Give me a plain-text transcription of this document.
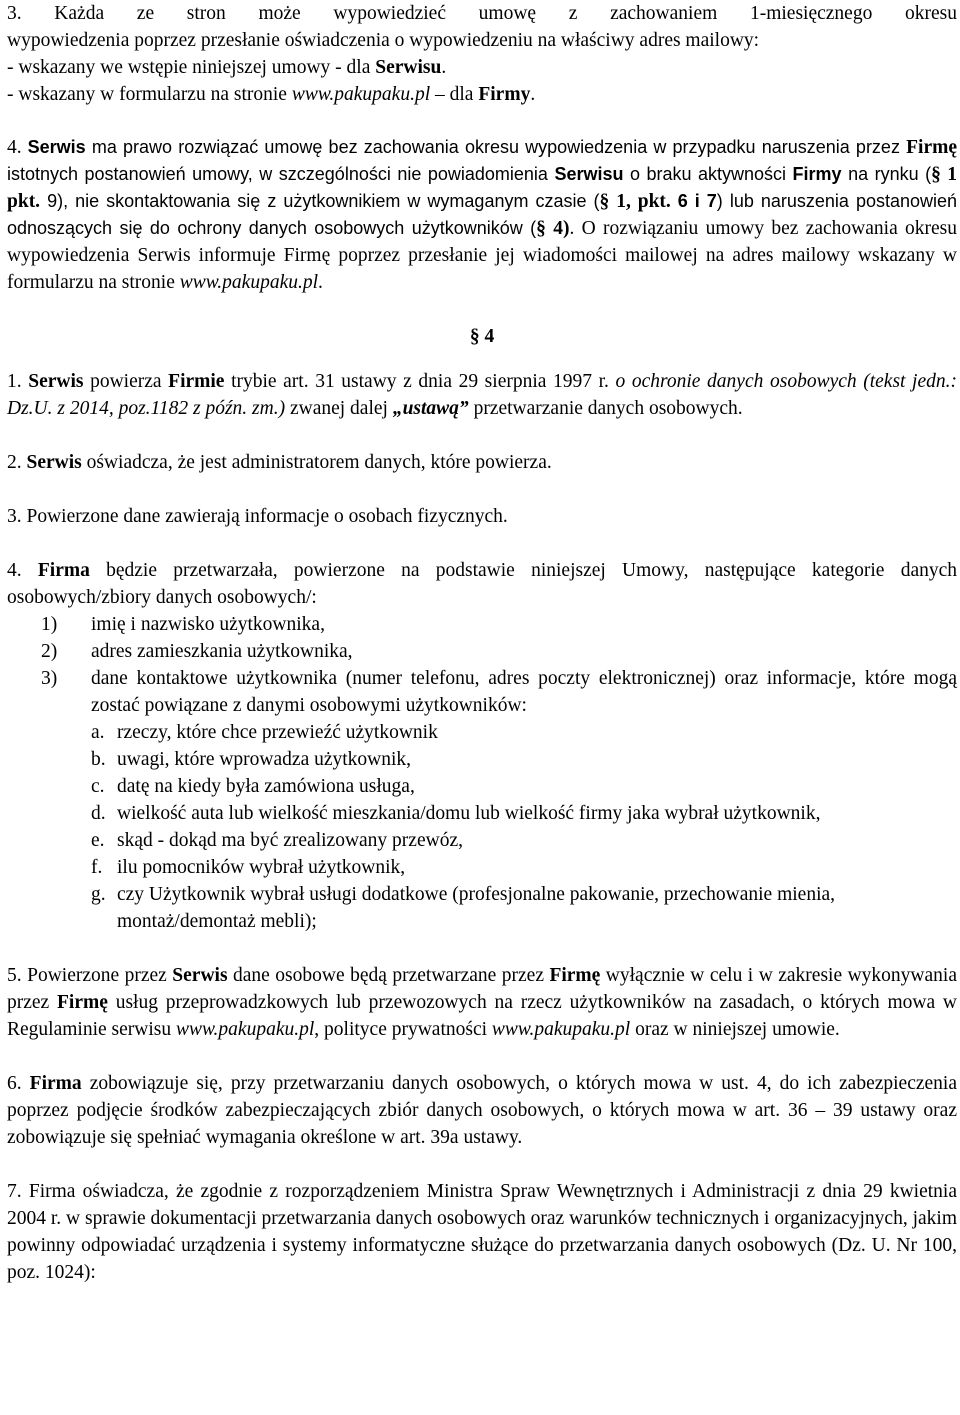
3. Każda ze stron może wypowiedzieć umowę z zachowaniem 1-miesięcznego okresu
wypowiedzenia poprzez przesłanie oświadczenia o wypowiedzeniu na właściwy adres mailowy:
- wskazany we wstępie niniejszej umowy - dla Serwisu.
- wskazany w formularzu na stronie www.pakupaku.pl – dla Firmy.

4. Serwis ma prawo rozwiązać umowę bez zachowania okresu wypowiedzenia w przypadku naruszenia przez Firmę istotnych postanowień umowy, w szczególności nie powiadomienia Serwisu o braku aktywności Firmy na rynku (§ 1 pkt. 9), nie skontaktowania się z użytkownikiem w wymaganym czasie (§ 1, pkt. 6 i 7) lub naruszenia postanowień odnoszących się do ochrony danych osobowych użytkowników (§ 4). O rozwiązaniu umowy bez zachowania okresu wypowiedzenia Serwis informuje Firmę poprzez przesłanie jej wiadomości mailowej na adres mailowy wskazany w formularzu na stronie www.pakupaku.pl.

§ 4

1. Serwis powierza Firmie trybie art. 31 ustawy z dnia 29 sierpnia 1997 r. o ochronie danych osobowych (tekst jedn.: Dz.U. z 2014, poz.1182 z późn. zm.) zwanej dalej „ustawą” przetwarzanie danych osobowych.

2. Serwis oświadcza, że jest administratorem danych, które powierza.

3. Powierzone dane zawierają informacje o osobach fizycznych.

4. Firma będzie przetwarzała, powierzone na podstawie niniejszej Umowy, następujące kategorie danych osobowych/zbiory danych osobowych/:

1) imię i nazwisko użytkownika,
2) adres zamieszkania użytkownika,
3) dane kontaktowe użytkownika (numer telefonu, adres poczty elektronicznej) oraz informacje, które mogą zostać powiązane z danymi osobowymi użytkowników:
a. rzeczy, które chce przewieźć użytkownik
b. uwagi, które wprowadza użytkownik,
c. datę na kiedy była zamówiona usługa,
d. wielkość auta lub wielkość mieszkania/domu lub wielkość firmy jaka wybrał użytkownik,
e. skąd - dokąd ma być zrealizowany przewóz,
f. ilu pomocników wybrał użytkownik,
g. czy Użytkownik wybrał usługi dodatkowe (profesjonalne pakowanie, przechowanie mienia, montaż/demontaż mebli);

5. Powierzone przez Serwis dane osobowe będą przetwarzane przez Firmę wyłącznie w celu i w zakresie wykonywania przez Firmę usług przeprowadzkowych lub przewozowych na rzecz użytkowników na zasadach, o których mowa w Regulaminie serwisu www.pakupaku.pl, polityce prywatności www.pakupaku.pl oraz w niniejszej umowie.

6. Firma zobowiązuje się, przy przetwarzaniu danych osobowych, o których mowa w ust. 4, do ich zabezpieczenia poprzez podjęcie środków zabezpieczających zbiór danych osobowych, o których mowa w art. 36 – 39 ustawy oraz zobowiązuje się spełniać wymagania określone w art. 39a ustawy.

7. Firma oświadcza, że zgodnie z rozporządzeniem Ministra Spraw Wewnętrznych i Administracji z dnia 29 kwietnia 2004 r. w sprawie dokumentacji przetwarzania danych osobowych oraz warunków technicznych i organizacyjnych, jakim powinny odpowiadać urządzenia i systemy informatyczne służące do przetwarzania danych osobowych (Dz. U. Nr 100, poz. 1024):
